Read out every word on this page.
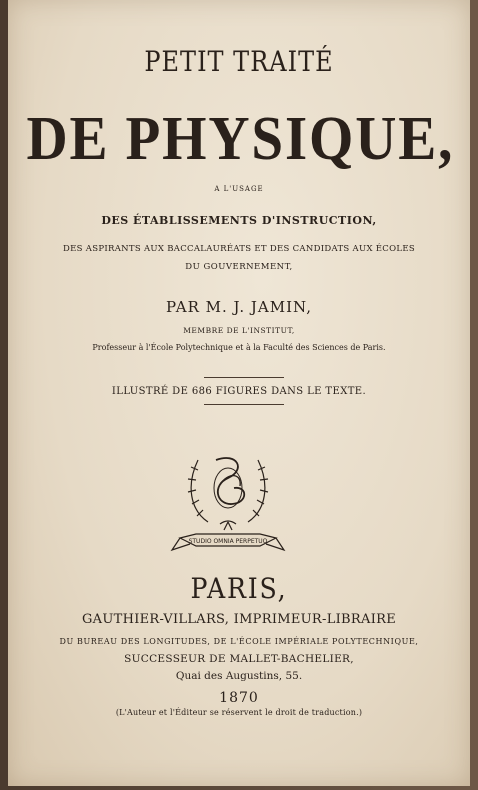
PETIT TRAITÉ
DE PHYSIQUE,
A L'USAGE
DES ÉTABLISSEMENTS D'INSTRUCTION,
DES ASPIRANTS AUX BACCALAURÉATS ET DES CANDIDATS AUX ÉCOLES
DU GOUVERNEMENT,
PAR M. J. JAMIN,
MEMBRE DE L'INSTITUT,
Professeur à l'École Polytechnique et à la Faculté des Sciences de Paris.
ILLUSTRÉ DE 686 FIGURES DANS LE TEXTE.
STUDIO OMNIA PERPETUO
PARIS,
GAUTHIER-VILLARS, IMPRIMEUR-LIBRAIRE
DU BUREAU DES LONGITUDES, DE L'ÉCOLE IMPÉRIALE POLYTECHNIQUE,
SUCCESSEUR DE MALLET-BACHELIER,
Quai des Augustins, 55.
1870
(L'Auteur et l'Éditeur se réservent le droit de traduction.)
